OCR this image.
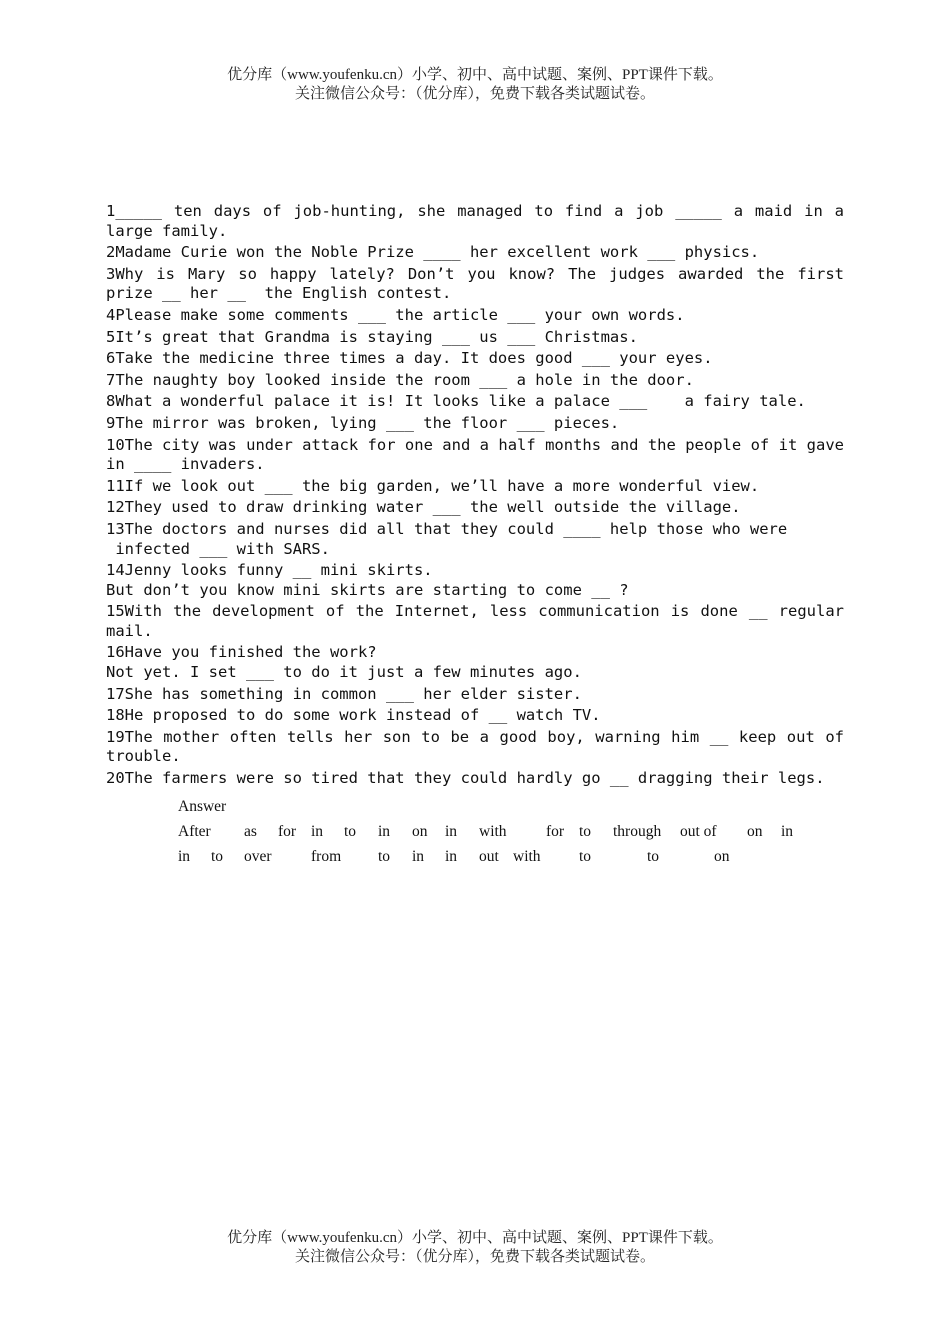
优分库（www.youfenku.cn）小学、初中、高中试题、案例、PPT课件下载。
关注微信公众号：（优分库），免费下载各类试题试卷。
1_____ ten days of job-hunting, she managed to find a job _____ a maid in a large family.
2Madame Curie won the Noble Prize ____ her excellent work ___ physics.
3Why is Mary so happy lately? Don’t you know? The judges awarded the first prize __ her __  the English contest.
4Please make some comments ___ the article ___ your own words.
5It’s great that Grandma is staying ___ us ___ Christmas.
6Take the medicine three times a day. It does good ___ your eyes.
7The naughty boy looked inside the room ___ a hole in the door.
8What a wonderful palace it is! It looks like a palace ___    a fairy tale.
9The mirror was broken, lying ___ the floor ___ pieces.
10The city was under attack for one and a half months and the people of it gave in ____ invaders.
11If we look out ___ the big garden, we’ll have a more wonderful view.
12They used to draw drinking water ___ the well outside the village.
13The doctors and nurses did all that they could ____ help those who were
infected ___ with SARS.
14Jenny looks funny __ mini skirts.
But don’t you know mini skirts are starting to come __ ?
15With the development of the Internet, less communication is done __ regular mail.
16Have you finished the work?
Not yet. I set ___ to do it just a few minutes ago.
17She has something in common ___ her elder sister.
18He proposed to do some work instead of __ watch TV.
19The mother often tells her son to be a good boy, warning him __ keep out of trouble.
20The farmers were so tired that they could hardly go __ dragging their legs.
Answer
After as for in to in on in with	for to through out of on in
in to over	from to in in out with to	to	on
优分库（www.youfenku.cn）小学、初中、高中试题、案例、PPT课件下载。
关注微信公众号：（优分库），免费下载各类试题试卷。
